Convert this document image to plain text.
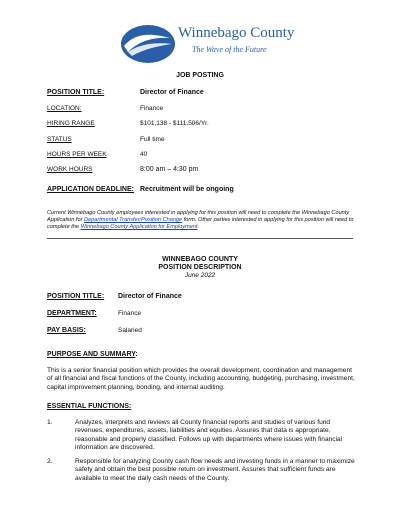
Winnebago County
The Wave of the Future
JOB POSTING
POSITION TITLE:	Director of Finance
LOCATION:	Finance
HIRING RANGE	$101,138 - $111,506/Yr.
STATUS	Full time
HOURS PER WEEK	40
WORK HOURS	8:00 am – 4:30 pm
APPLICATION DEADLINE: Recruitment will be ongoing
Current Winnebago County employees interested in applying for this position will need to complete the Winnebago County Application for Departmental Transfer/Position Change form. Other parties interested in applying for this position will need to complete the Winnebago County Application for Employment.
WINNEBAGO COUNTY
POSITION DESCRIPTION
June 2022
POSITION TITLE: Director of Finance
DEPARTMENT:	Finance
PAY BASIS:	Salaried
PURPOSE AND SUMMARY:
This is a senior financial position which provides the overall development, coordination and management of all financial and fiscal functions of the County, including accounting, budgeting, purchasing, investment, capital improvement planning, bonding, and internal auditing.
ESSENTIAL FUNCTIONS:
1.	Analyzes, interprets and reviews all County financial reports and studies of various fund revenues, expenditures, assets, liabilities and equities. Assures that data is appropriate, reasonable and properly classified. Follows up with departments where issues with financial information are discovered.
2.	Responsible for analyzing County cash flow needs and investing funds in a manner to maximize safety and obtain the best possible return on investment. Assures that sufficient funds are available to meet the daily cash needs of the County.
